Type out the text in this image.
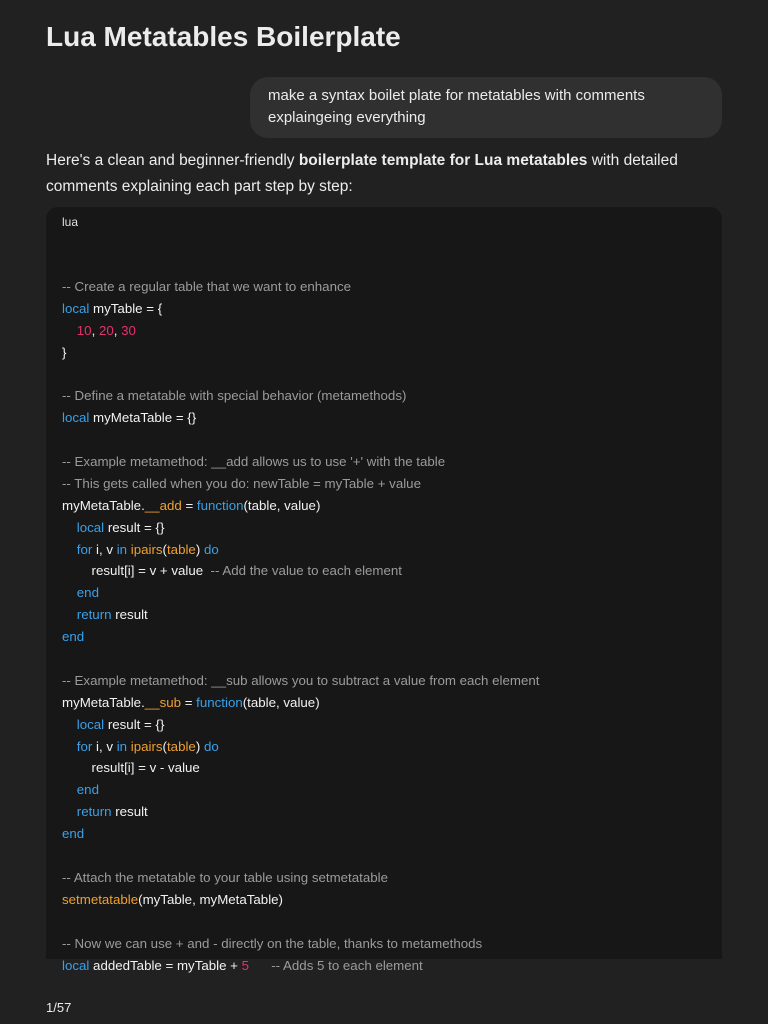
Lua Metatables Boilerplate
make a syntax boilet plate for metatables with comments explaingeing everything
Here's a clean and beginner-friendly boilerplate template for Lua metatables with detailed comments explaining each part step by step:
lua
-- Create a regular table that we want to enhance
local myTable = {
10, 20, 30
}
-- Define a metatable with special behavior (metamethods)
local myMetaTable = {}
-- Example metamethod: __add allows us to use '+' with the table
-- This gets called when you do: newTable = myTable + value
myMetaTable.__add = function(table, value)
local result = {}
for i, v in ipairs(table) do
result[i] = v + value  -- Add the value to each element
end
return result
end
-- Example metamethod: __sub allows you to subtract a value from each element
myMetaTable.__sub = function(table, value)
local result = {}
for i, v in ipairs(table) do
result[i] = v - value
end
return result
end
-- Attach the metatable to your table using setmetatable
setmetatable(myTable, myMetaTable)
-- Now we can use + and - directly on the table, thanks to metamethods
local addedTable = myTable + 5 -- Adds 5 to each element
1/57
